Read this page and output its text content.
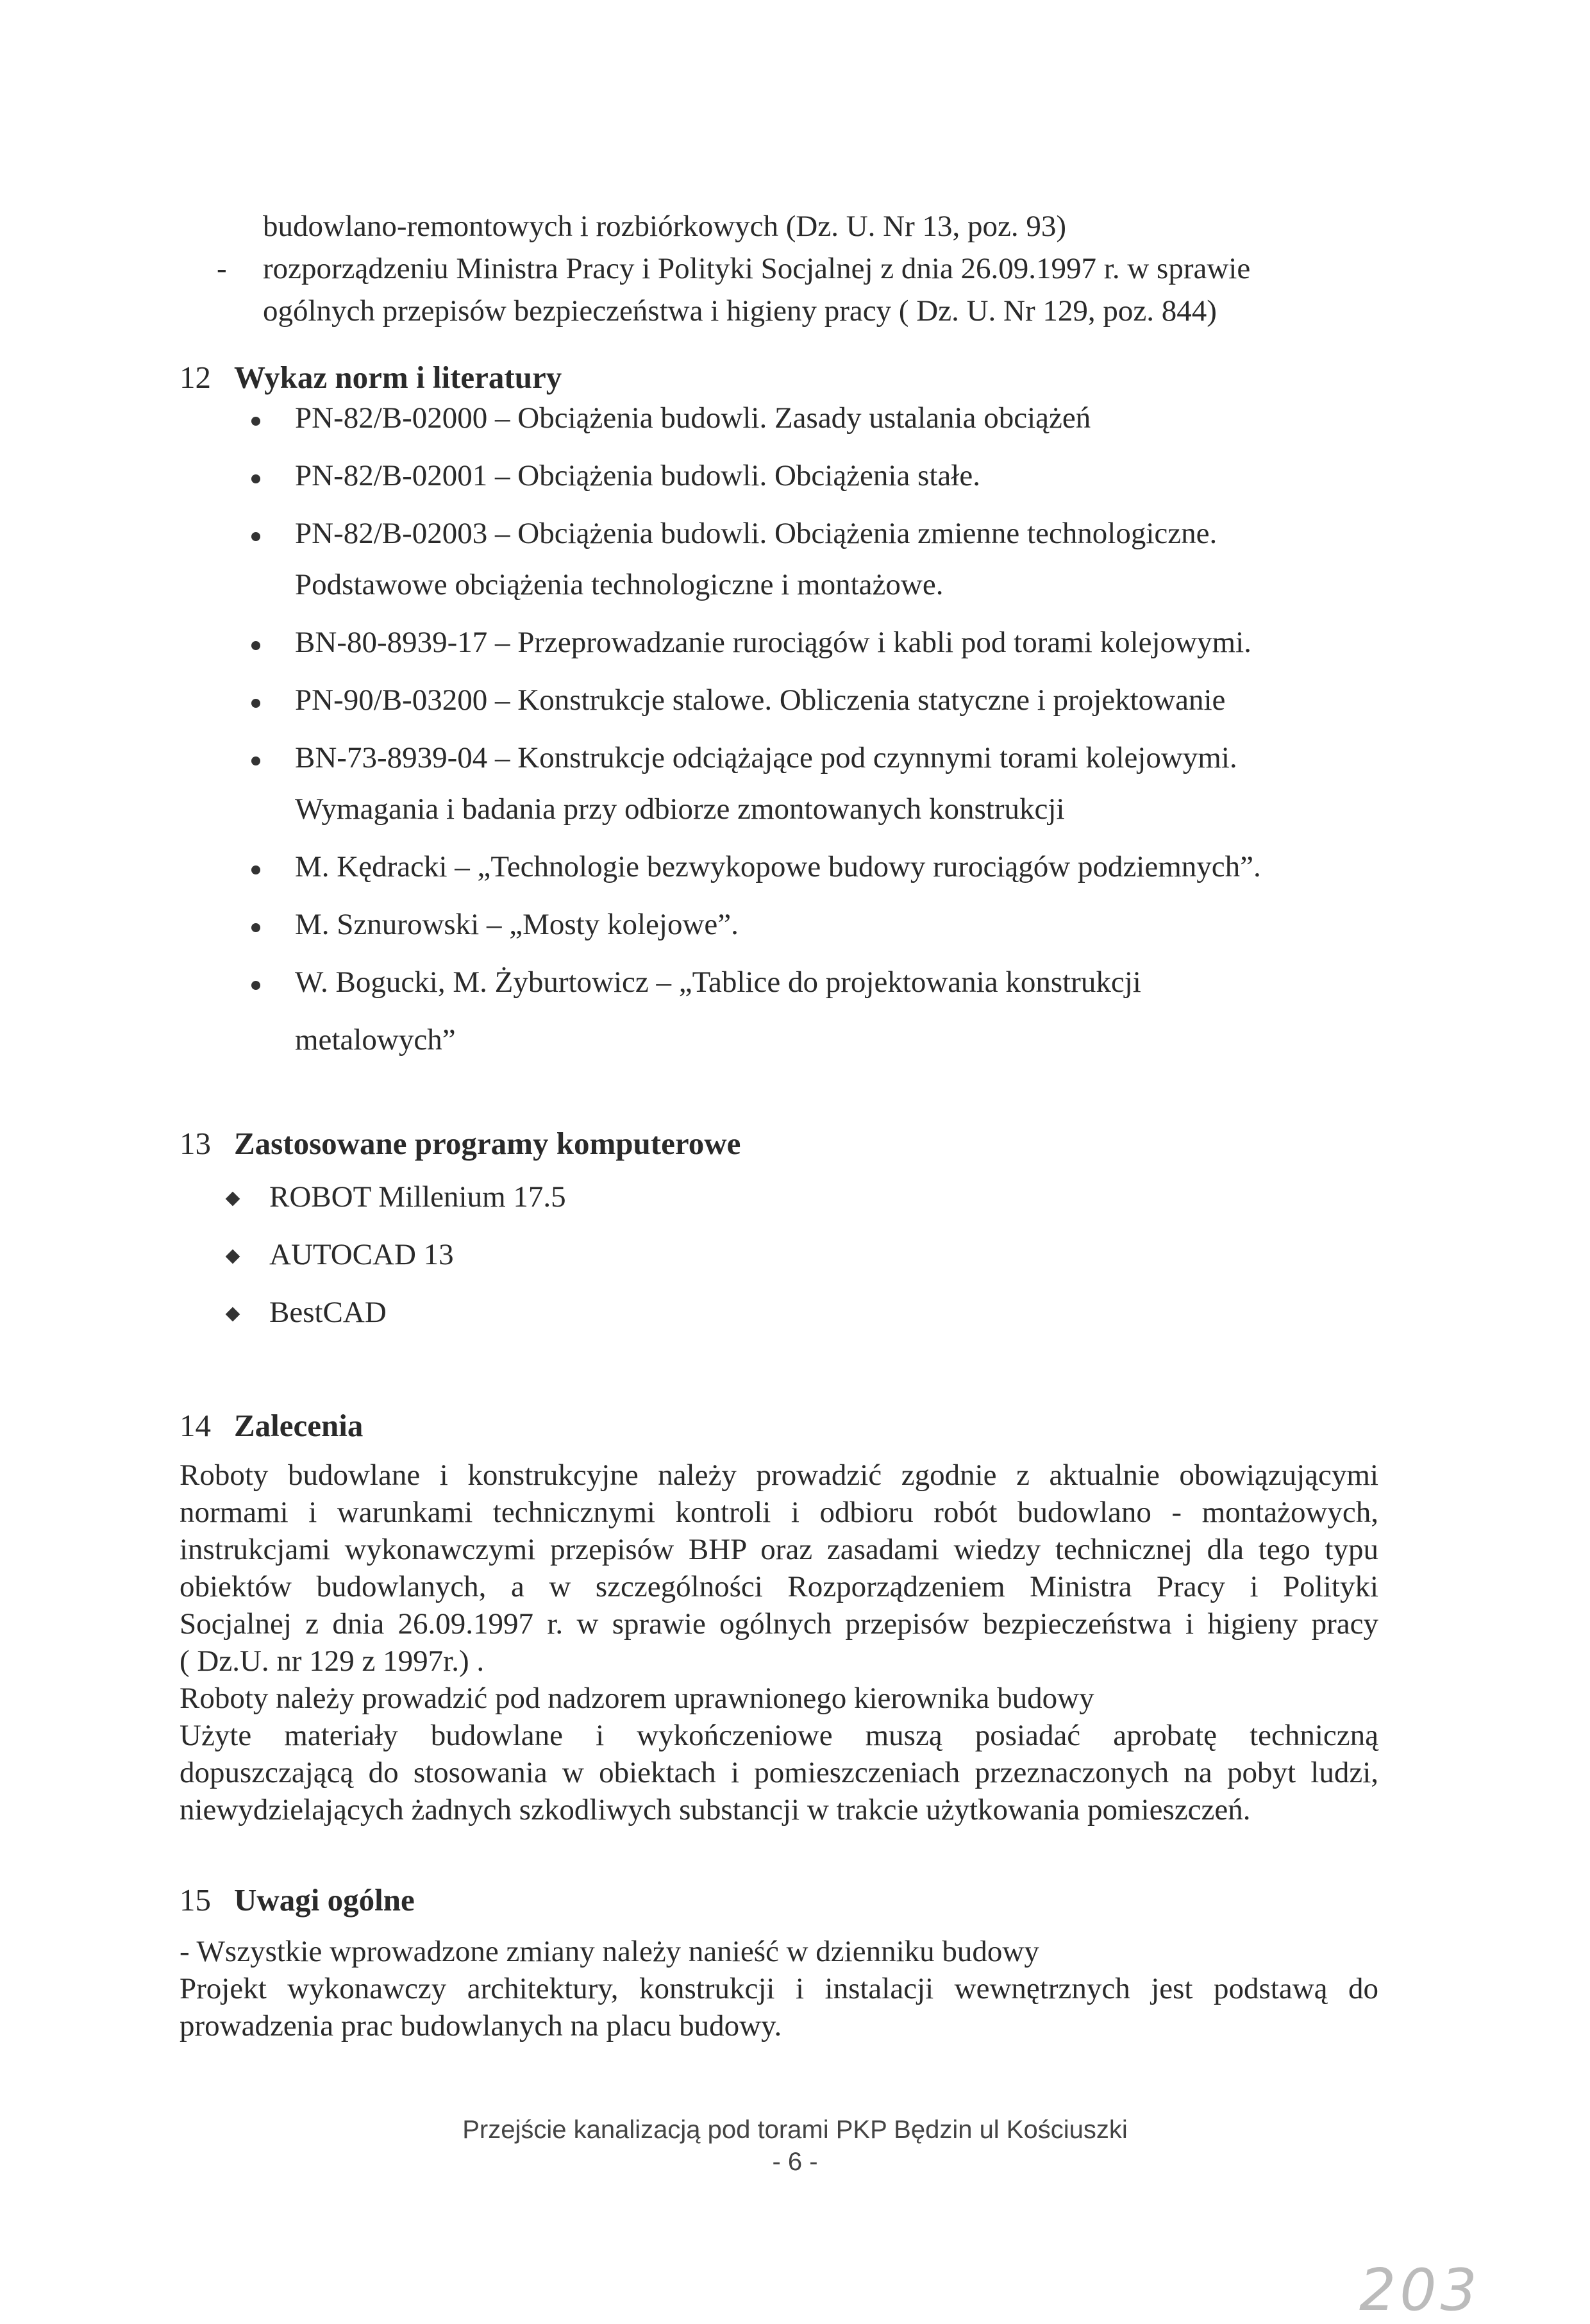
budowlano-remontowych i rozbiórkowych (Dz. U. Nr 13, poz. 93)
- rozporządzeniu Ministra Pracy i Polityki Socjalnej z dnia 26.09.1997 r. w sprawie
ogólnych przepisów bezpieczeństwa i higieny pracy ( Dz. U. Nr 129, poz. 844)
12 Wykaz norm i literatury
PN-82/B-02000 – Obciążenia budowli. Zasady ustalania obciążeń
PN-82/B-02001 – Obciążenia budowli. Obciążenia stałe.
PN-82/B-02003 – Obciążenia budowli. Obciążenia zmienne technologiczne.
Podstawowe obciążenia technologiczne i montażowe.
BN-80-8939-17 – Przeprowadzanie rurociągów i kabli pod torami kolejowymi.
PN-90/B-03200 – Konstrukcje stalowe. Obliczenia statyczne i projektowanie
BN-73-8939-04 – Konstrukcje odciążające pod czynnymi torami kolejowymi.
Wymagania i badania przy odbiorze zmontowanych konstrukcji
M. Kędracki – „Technologie bezwykopowe budowy rurociągów podziemnych”.
M. Sznurowski – „Mosty kolejowe”.
W. Bogucki, M. Żyburtowicz – „Tablice do projektowania konstrukcji
metalowych”
13 Zastosowane programy komputerowe
ROBOT Millenium 17.5
AUTOCAD 13
BestCAD
14 Zalecenia
Roboty budowlane i konstrukcyjne należy prowadzić zgodnie z aktualnie obowiązującymi
normami i warunkami technicznymi kontroli i odbioru robót budowlano - montażowych,
instrukcjami wykonawczymi przepisów BHP oraz zasadami wiedzy technicznej dla tego typu
obiektów budowlanych, a w szczególności Rozporządzeniem Ministra Pracy i Polityki
Socjalnej z dnia 26.09.1997 r. w sprawie ogólnych przepisów bezpieczeństwa i higieny pracy
( Dz.U. nr 129 z 1997r.) .
Roboty należy prowadzić pod nadzorem uprawnionego kierownika budowy
Użyte materiały budowlane i wykończeniowe muszą posiadać aprobatę techniczną
dopuszczającą do stosowania w obiektach i pomieszczeniach przeznaczonych na pobyt ludzi,
niewydzielających żadnych szkodliwych substancji w trakcie użytkowania pomieszczeń.
15 Uwagi ogólne
- Wszystkie wprowadzone zmiany należy nanieść w dzienniku budowy
Projekt wykonawczy architektury, konstrukcji i instalacji wewnętrznych jest podstawą do
prowadzenia prac budowlanych na placu budowy.
Przejście kanalizacją pod torami PKP Będzin ul Kościuszki
- 6 -
203
